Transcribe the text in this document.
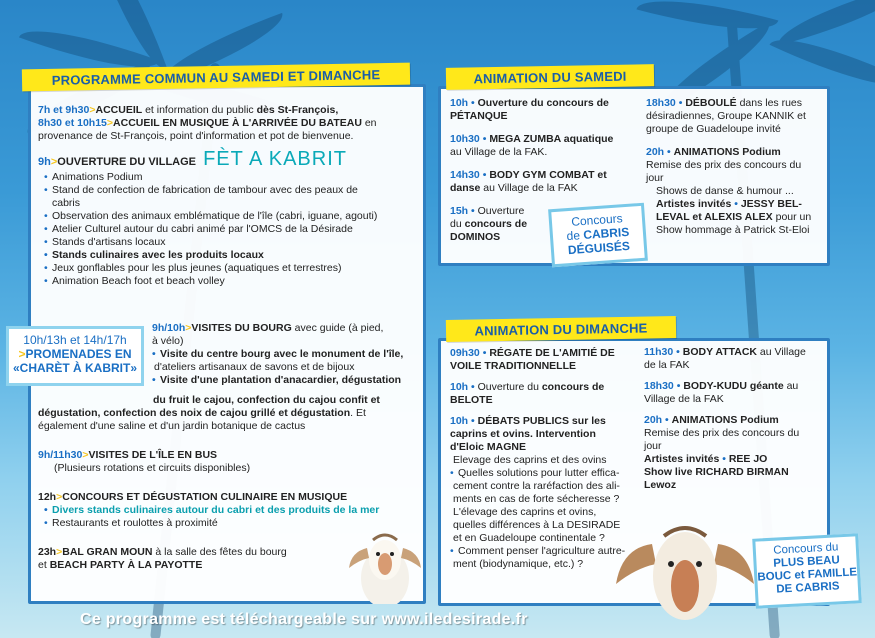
PROGRAMME COMMUN AU SAMEDI ET DIMANCHE
7h et 9h30>ACCUEIL et information du public dès St-François,
8h30 et 10h15>ACCUEIL EN MUSIQUE À L'ARRIVÉE DU BATEAU en
provenance de St-François, point d'information et pot de bienvenue.
9h>OUVERTURE DU VILLAGE FÈT A KABRIT
• Animations Podium
• Stand de confection de fabrication de tambour avec des peaux de
cabris
• Observation des animaux emblématique de l'île (cabri, iguane, agouti)
• Atelier Culturel autour du cabri animé par l'OMCS de la Désirade
• Stands d'artisans locaux
• Stands culinaires avec les produits locaux
• Jeux gonflables pour les plus jeunes (aquatiques et terrestres)
• Animation Beach foot et beach volley
10h/13h et 14h/17h
>PROMENADES EN
«CHARÈT À KABRIT»
9h/10h>VISITES DU BOURG avec guide (à pied,
à vélo)
• Visite du centre bourg avec le monument de l'île,
d'ateliers artisanaux de savons et de bijoux
• Visite d'une plantation d'anacardier, dégustation
du fruit le cajou, confection du cajou confit et
dégustation, confection des noix de cajou grillé et dégustation. Et
également d'une saline et d'un jardin botanique de cactus
9h/11h30>VISITES DE L'ÎLE EN BUS
(Plusieurs rotations et circuits disponibles)
12h>CONCOURS ET DÉGUSTATION CULINAIRE EN MUSIQUE
• Divers stands culinaires autour du cabri et des produits de la mer
• Restaurants et roulottes à proximité
23h>BAL GRAN MOUN à la salle des fêtes du bourg
et BEACH PARTY À LA PAYOTTE
ANIMATION DU SAMEDI
10h • Ouverture du concours de
PÉTANQUE
10h30 • MEGA ZUMBA aquatique
au Village de la FAK.
14h30 • BODY GYM COMBAT et
danse au Village de la FAK
15h • Ouverture
du concours de
DOMINOS
Concours
de CABRIS
DÉGUISÉS
18h30 • DÉBOULÉ dans les rues
désiradiennes, Groupe KANNIK et
groupe de Guadeloupe invité
20h • ANIMATIONS Podium
Remise des prix des concours du
jour
Shows de danse & humour ...
Artistes invités • JESSY BEL-
LEVAL et ALEXIS ALEX pour un
Show hommage à Patrick St-Eloi
ANIMATION DU DIMANCHE
09h30 • RÉGATE DE L'AMITIÉ DE
VOILE TRADITIONNELLE
10h • Ouverture du concours de
BELOTE
10h • DÉBATS PUBLICS sur les
caprins et ovins. Intervention
d'Eloic MAGNE
Elevage des caprins et des ovins
• Quelles solutions pour lutter effica-
cement contre la raréfaction des ali-
ments en cas de forte sécheresse ?
L'élevage des caprins et ovins,
quelles différences à La DESIRADE
et en Guadeloupe continentale ?
• Comment penser l'agriculture autre-
ment (biodynamique, etc.) ?
11h30 • BODY ATTACK au Village
de la FAK
18h30 • BODY-KUDU géante au
Village de la FAK
20h • ANIMATIONS Podium
Remise des prix des concours du
jour
Artistes invités • REE JO
Show live RICHARD BIRMAN
Lewoz
Concours du
PLUS BEAU
BOUC et FAMILLE
DE CABRIS
Ce programme est téléchargeable sur www.iledesirade.fr
